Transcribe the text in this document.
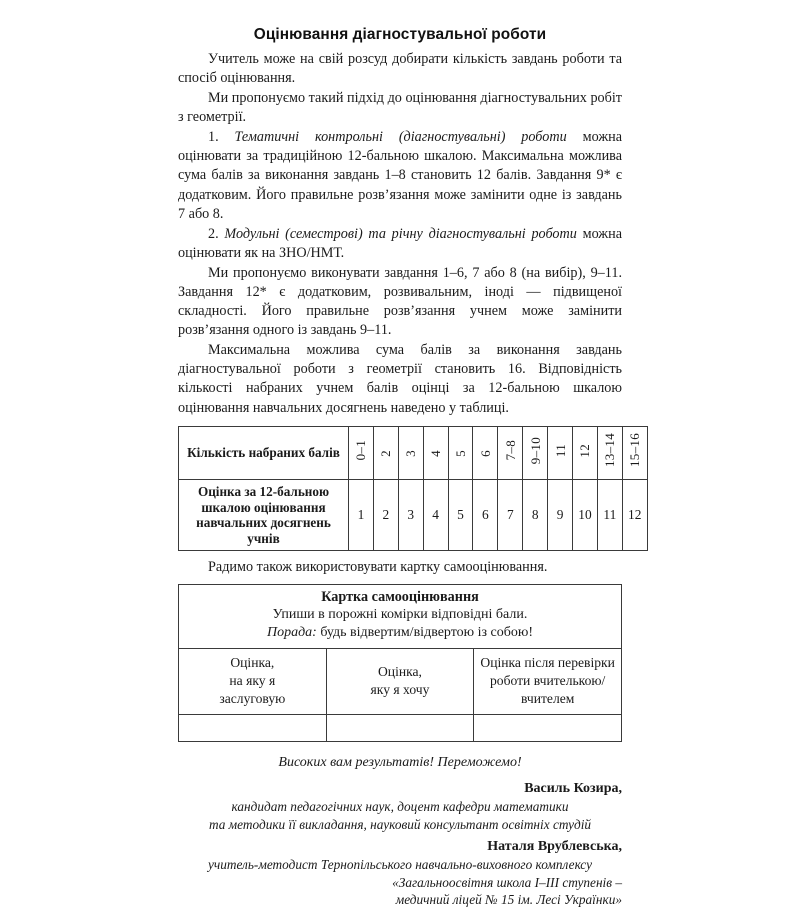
Оцінювання діагностувальної роботи

Учитель може на свій розсуд добирати кількість завдань роботи та спосіб оцінювання.

Ми пропонуємо такий підхід до оцінювання діагностувальних робіт з геометрії.

1. Тематичні контрольні (діагностувальні) роботи можна оцінювати за традиційною 12-бальною шкалою. Максимальна можлива сума балів за виконання завдань 1–8 становить 12 балів. Завдання 9* є додатковим. Його правильне розв’язання може замінити одне із завдань 7 або 8.

2. Модульні (семестрові) та річну діагностувальні роботи можна оцінювати як на ЗНО/НМТ.

Ми пропонуємо виконувати завдання 1–6, 7 або 8 (на вибір), 9–11. Завдання 12* є додатковим, розвивальним, іноді — підвищеної складності. Його правильне розв’язання учнем може замінити розв’язання одного із завдань 9–11.

Максимальна можлива сума балів за виконання завдань діагностувальної роботи з геометрії становить 16. Відповідність кількості набраних учнем балів оцінці за 12-бальною шкалою оцінювання навчальних досягнень наведено у таблиці.

Кількість набраних балів	0–1	2	3	4	5	6	7–8	9–10	11	12	13–14	15–16
Оцінка за 12-бальною шкалою оцінювання навчальних досягнень учнів	1	2	3	4	5	6	7	8	9	10	11	12

Радимо також використовувати картку самооцінювання.

Картка самооцінювання
Упиши в порожні комірки відповідні бали.
Порада: будь відвертим/відвертою із собою!		

Оцінка,
на яку я
заслуговую

Оцінка,
яку я хочу

Оцінка після перевірки
роботи вчителькою/
вчителем

Високих вам результатів! Переможемо!

Василь Козира,
кандидат педагогічних наук, доцент кафедри математики
та методики її викладання, науковий консультант освітніх студій
Наталя Врублевська,
учитель-методист Тернопільського навчально-виховного комплексу
«Загальноосвітня школа I–III ступенів –
медичний ліцей № 15 ім. Лесі Українки»
